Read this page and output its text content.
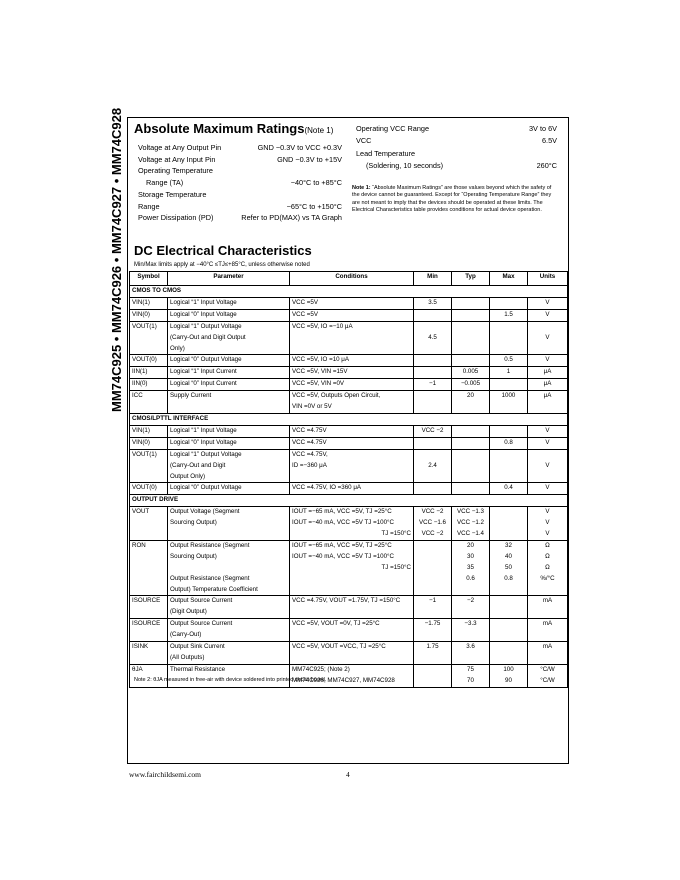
MM74C925 • MM74C926 • MM74C927 • MM74C928 Absolute Maximum Ratings(Note 1)
Voltage at Any Output Pin	GND −0.3V to VCC +0.3V
Voltage at Any Input Pin	GND −0.3V to +15V
Operating Temperature
Range (TA)	−40°C to +85°C
Storage Temperature
Range	−65°C to +150°C
Power Dissipation (PD)	Refer to PD(MAX) vs TA Graph
Operating VCC Range	3V to 6V
VCC	6.5V
Lead Temperature
(Soldering, 10 seconds)	260°C
Note 1: “Absolute Maximum Ratings” are those values beyond which the safety of the device cannot be guaranteed. Except for “Operating Temperature Range” they are not meant to imply that the devices should be operated at these limits. The Electrical Characteristics table provides conditions for actual device operation.
DC Electrical Characteristics
Min/Max limits apply at −40°C ≤TJ≤+85°C, unless otherwise noted
Symbol	Parameter	Conditions	Min	Typ	Max	Units
CMOS TO CMOS						
VIN(1)	Logical “1” Input Voltage	VCC =5V	3.5			V
VIN(0)	Logical “0” Input Voltage	VCC =5V			1.5	V
VOUT(1)	Logical “1” Output Voltage	VCC =5V, IO =−10 μA				
	(Carry-Out and Digit Output		4.5			V
	Only)					
VOUT(0)	Logical “0” Output Voltage	VCC =5V, IO =10 μA			0.5	V
IIN(1)	Logical “1” Input Current	VCC =5V, VIN =15V		0.005	1	μA
IIN(0)	Logical “0” Input Current	VCC =5V, VIN =0V	−1	−0.005		μA
ICC	Supply Current	VCC =5V, Outputs Open Circuit,		20	1000	μA
		VIN =0V or 5V				
CMOS/LPTTL INTERFACE						
VIN(1)	Logical “1” Input Voltage	VCC =4.75V	VCC −2			V
VIN(0)	Logical “0” Input Voltage	VCC =4.75V			0.8	V
VOUT(1)	Logical “1” Output Voltage	VCC =4.75V,				
	(Carry-Out and Digit	ID =−360 μA	2.4			V
	Output Only)					
VOUT(0)	Logical “0” Output Voltage	VCC =4.75V, IO =360 μA			0.4	V
OUTPUT DRIVE						
VOUT	Output Voltage (Segment	IOUT =−65 mA, VCC =5V, TJ =25°C	VCC −2	VCC −1.3		V
	Sourcing Output)	IOUT =−40 mA, VCC =5V TJ =100°C	VCC −1.6	VCC −1.2		V
		TJ =150°C	VCC −2	VCC −1.4		V
RON	Output Resistance (Segment	IOUT =−65 mA, VCC =5V, TJ =25°C		20	32	Ω
	Sourcing Output)	IOUT =−40 mA, VCC =5V TJ =100°C		30	40	Ω
		TJ =150°C		35	50	Ω
	Output Resistance (Segment			0.6	0.8	%/°C
	Output) Temperature Coefficient					

ISOURCE	Output Source Current	VCC =4.75V, VOUT =1.75V, TJ =150°C	−1	−2		mA
	(Digit Output)					
ISOURCE	Output Source Current	VCC =5V, VOUT =0V, TJ =25°C	−1.75	−3.3		mA
	(Carry-Out)					
ISINK	Output Sink Current	VCC =5V, VOUT =VCC, TJ =25°C	1.75	3.6		mA
	(All Outputs)					
θJA	Thermal Resistance	MM74C925; (Note 2)		75	100	°C/W
		MM74C926, MM74C927, MM74C928		70	90	°C/W
Note 2: θJA measured in free-air with device soldered into printed circuit board.
www.fairchildsemi.com	4
